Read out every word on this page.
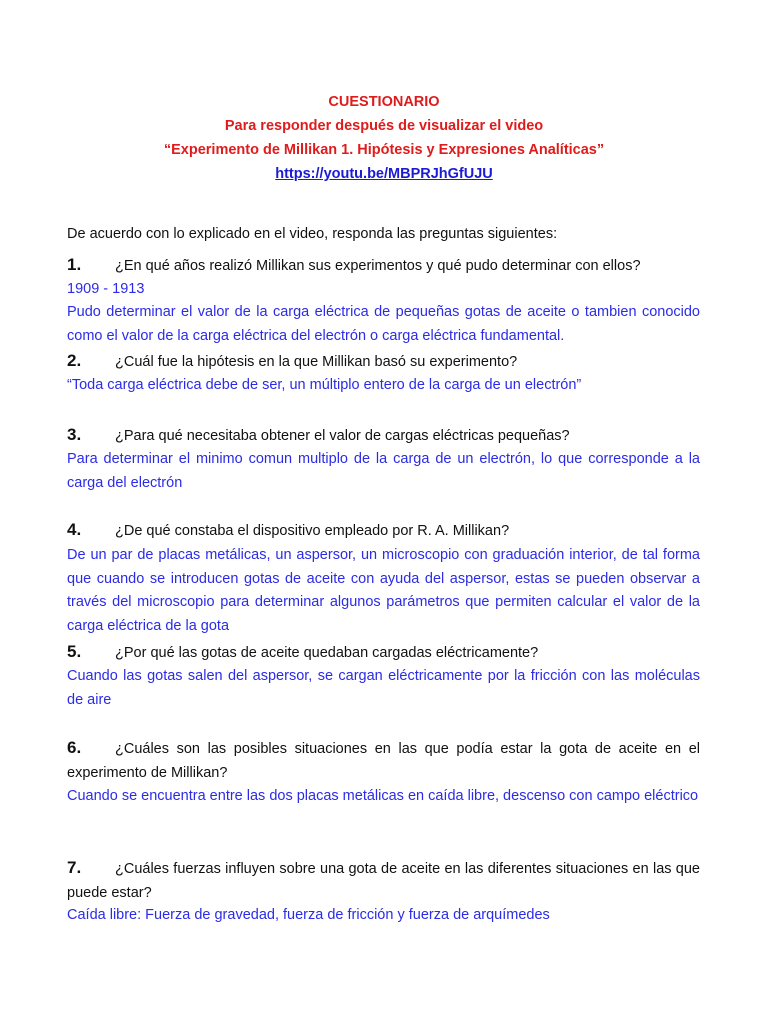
CUESTIONARIO
Para responder después de visualizar el video
“Experimento de Millikan 1. Hipótesis y Expresiones Analíticas”
https://youtu.be/MBPRJhGfUJU
De acuerdo con lo explicado en el video, responda las preguntas siguientes:
1. ¿En qué años realizó Millikan sus experimentos y qué pudo determinar con ellos?
1909 - 1913
Pudo determinar el valor de la carga eléctrica de pequeñas gotas de aceite o tambien conocido como el valor de la carga eléctrica del electrón o carga eléctrica fundamental.
2. ¿Cuál fue la hipótesis en la que Millikan basó su experimento?
“Toda carga eléctrica debe de ser, un múltiplo entero de la carga de un electrón”
3. ¿Para qué necesitaba obtener el valor de cargas eléctricas pequeñas?
Para determinar el minimo comun multiplo de la carga de un electrón, lo que corresponde a la carga del electrón
4. ¿De qué constaba el dispositivo empleado por R. A. Millikan?
De un par de placas metálicas, un aspersor, un microscopio con graduación interior, de tal forma que cuando se introducen gotas de aceite con ayuda del aspersor, estas se pueden observar a través del microscopio para determinar algunos parámetros que permiten calcular el valor de la carga eléctrica de la gota
5. ¿Por qué las gotas de aceite quedaban cargadas eléctricamente?
Cuando las gotas salen del aspersor, se cargan eléctricamente por la fricción con las moléculas de aire
6. ¿Cuáles son las posibles situaciones en las que podía estar la gota de aceite en el experimento de Millikan?
Cuando se encuentra entre las dos placas metálicas en caída libre, descenso con campo eléctrico
7. ¿Cuáles fuerzas influyen sobre una gota de aceite en las diferentes situaciones en las que puede estar?
Caída libre: Fuerza de gravedad, fuerza de fricción y fuerza de arquímedes
